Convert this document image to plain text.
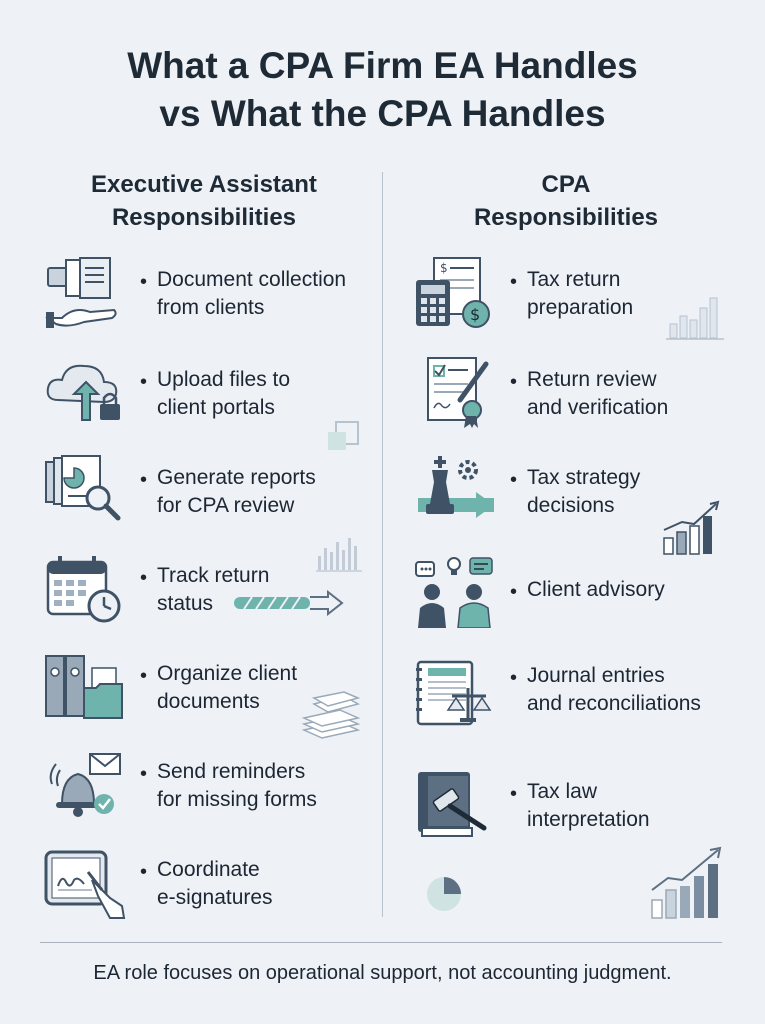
What a CPA Firm EA Handles
vs What the CPA Handles
Executive Assistant
Responsibilities
CPA
Responsibilities
• Document collection
from clients
• Upload files to
client portals
• Generate reports
for CPA review
• Track return
status
• Organize client
documents
• Send reminders
for missing forms
• Coordinate
e-signatures
$
$
• Tax return
preparation
• Return review
and verification
• Tax strategy
decisions
• Client advisory
• Journal entries
and reconciliations
• Tax law
interpretation
EA role focuses on operational support, not accounting judgment.
